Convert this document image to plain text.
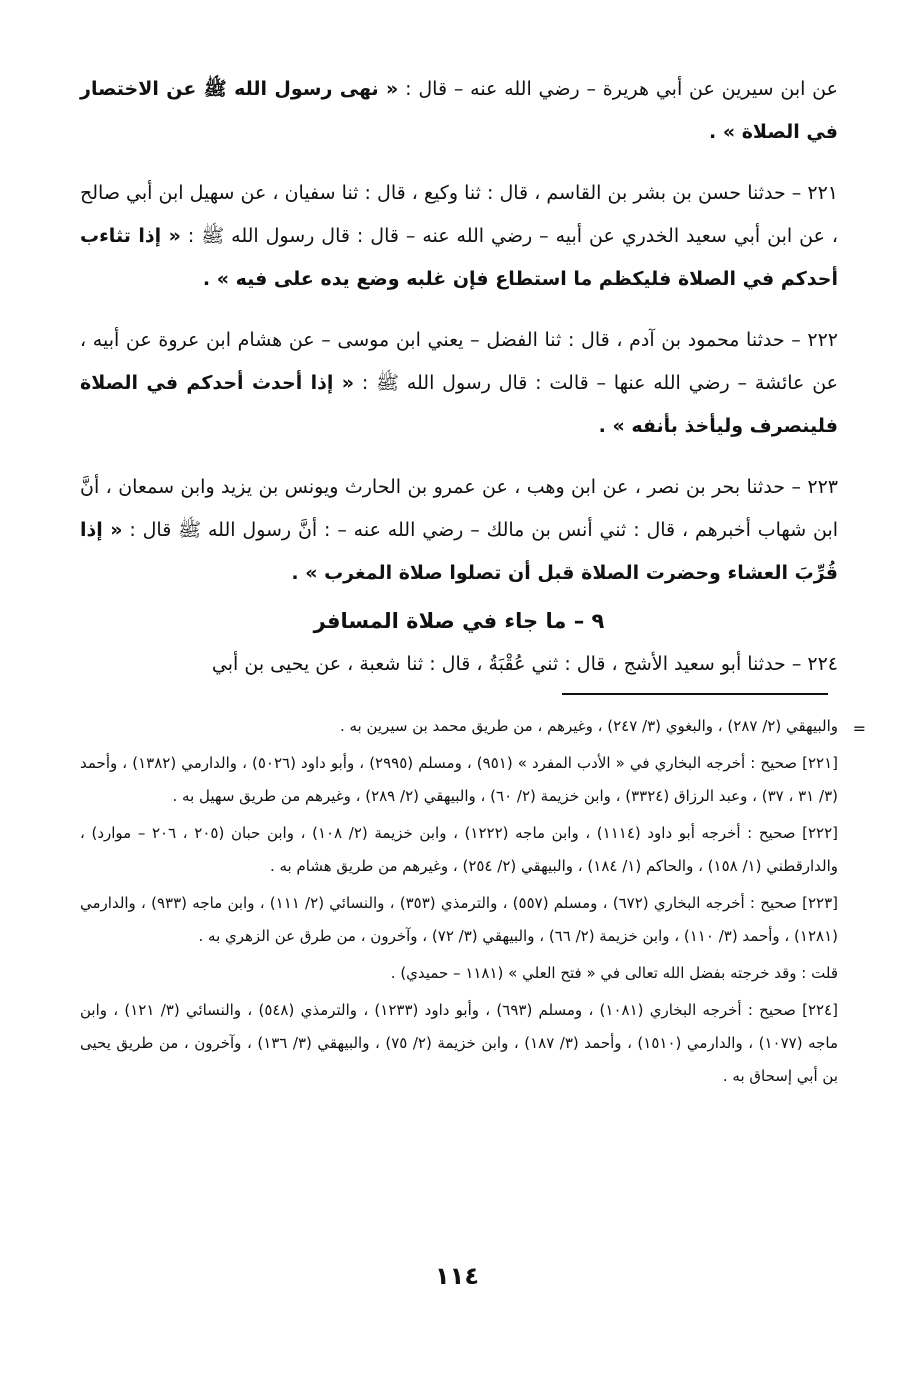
عن ابن سيرين عن أبي هريرة – رضي الله عنه – قال : « نهى رسول الله ﷺ عن الاختصار في الصلاة » .

٢٢١ – حدثنا حسن بن بشر بن القاسم ، قال : ثنا وكيع ، قال : ثنا سفيان ، عن سهيل ابن أبي صالح ، عن ابن أبي سعيد الخدري عن أبيه – رضي الله عنه – قال : قال رسول الله ﷺ : « إذا تثاءب أحدكم في الصلاة فليكظم ما استطاع فإن غلبه وضع يده على فيه » .

٢٢٢ – حدثنا محمود بن آدم ، قال : ثنا الفضل – يعني ابن موسى – عن هشام ابن عروة عن أبيه ، عن عائشة – رضي الله عنها – قالت : قال رسول الله ﷺ : « إذا أحدث أحدكم في الصلاة فلينصرف وليأخذ بأنفه » .

٢٢٣ – حدثنا بحر بن نصر ، عن ابن وهب ، عن عمرو بن الحارث ويونس بن يزيد وابن سمعان ، أنَّ ابن شهاب أخبرهم ، قال : ثني أنس بن مالك – رضي الله عنه – : أنَّ رسول الله ﷺ قال : « إذا قُرِّبَ العشاء وحضرت الصلاة قبل أن تصلوا صلاة المغرب » .

٩ – ما جاء في صلاة المسافر

٢٢٤ – حدثنا أبو سعيد الأشج ، قال : ثني عُقْبَةُ ، قال : ثنا شعبة ، عن يحيى بن أبي

=

والبيهقي (٢/ ٢٨٧) ، والبغوي (٣/ ٢٤٧) ، وغيرهم ، من طريق محمد بن سيرين به .

[٢٢١] صحيح : أخرجه البخاري في « الأدب المفرد » (٩٥١) ، ومسلم (٢٩٩٥) ، وأبو داود (٥٠٢٦) ، والدارمي (١٣٨٢) ، وأحمد (٣/ ٣١ ، ٣٧) ، وعبد الرزاق (٣٣٢٤) ، وابن خزيمة (٢/ ٦٠) ، والبيهقي (٢/ ٢٨٩) ، وغيرهم من طريق سهيل به .

[٢٢٢] صحيح : أخرجه أبو داود (١١١٤) ، وابن ماجه (١٢٢٢) ، وابن خزيمة (٢/ ١٠٨) ، وابن حبان (٢٠٥ ، ٢٠٦ – موارد) ، والدارقطني (١/ ١٥٨) ، والحاكم (١/ ١٨٤) ، والبيهقي (٢/ ٢٥٤) ، وغيرهم من طريق هشام به .

[٢٢٣] صحيح : أخرجه البخاري (٦٧٢) ، ومسلم (٥٥٧) ، والترمذي (٣٥٣) ، والنسائي (٢/ ١١١) ، وابن ماجه (٩٣٣) ، والدارمي (١٢٨١) ، وأحمد (٣/ ١١٠) ، وابن خزيمة (٢/ ٦٦) ، والبيهقي (٣/ ٧٢) ، وآخرون ، من طرق عن الزهري به .

قلت : وقد خرجته بفضل الله تعالى في « فتح العلي » (١١٨١ – حميدي) .

[٢٢٤] صحيح : أخرجه البخاري (١٠٨١) ، ومسلم (٦٩٣) ، وأبو داود (١٢٣٣) ، والترمذي (٥٤٨) ، والنسائي (٣/ ١٢١) ، وابن ماجه (١٠٧٧) ، والدارمي (١٥١٠) ، وأحمد (٣/ ١٨٧) ، وابن خزيمة (٢/ ٧٥) ، والبيهقي (٣/ ١٣٦) ، وآخرون ، من طريق يحيى بن أبي إسحاق به .

١١٤
